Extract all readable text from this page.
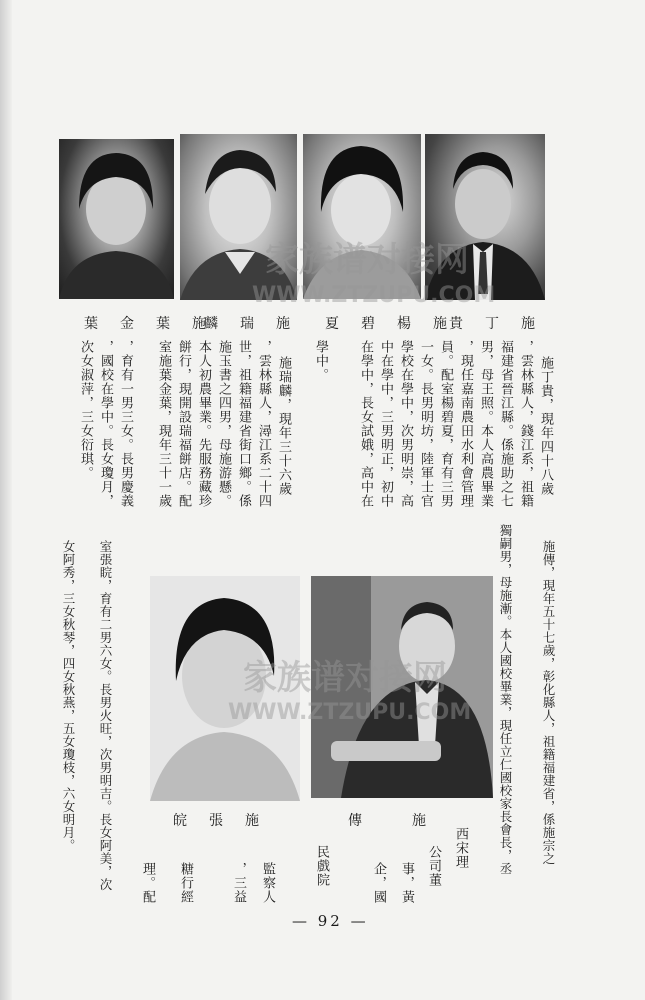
家族谱对接网
WWW.ZTZUPU.COM
葉金葉施
麟瑞施 夏碧楊施
貴丁施
施丁貴，現年四十八歲
，雲林縣人，錢江系，祖籍
福建省晉江縣。係施助之七
男，母王照。本人高農畢業
，現任嘉南農田水利會管理
員。配室楊碧夏，育有三男
一女。長男明坊，陸軍士官
學校在學中，次男明崇，高
中在學中，三男明正，初中
在學中，長女試娥，高中在
學中。
施瑞麟，現年三十六歲
，雲林縣人，潯江系二十四
世，祖籍福建省街口鄉。係
施玉書之四男，母施游懸。
本人初農畢業。先服務藏珍
餅行，現開設瑞福餅店。配
室施葉金葉，現年三十一歲
，育有一男三女。長男慶義
，國校在學中。長女瓊月，
次女淑萍，三女衍琪。
施傳，現年五十七歲，彰化縣人，祖籍福建省，係施宗之
獨嗣男，母施漸。本人國校畢業，現任立仁國校家長會長，丞
西宋理
公司董
事，黃
企，國
民戲院
監察人
，三益
糖行經
理。配
室張睆，育有二男六女。長男火旺，次男明吉。長女阿美，次
女阿秀，三女秋琴，四女秋燕，五女瓊枝，六女明月。	家族谱对接网
WWW.ZTZUPU.COM
皖張施	傳施
— 92 —
